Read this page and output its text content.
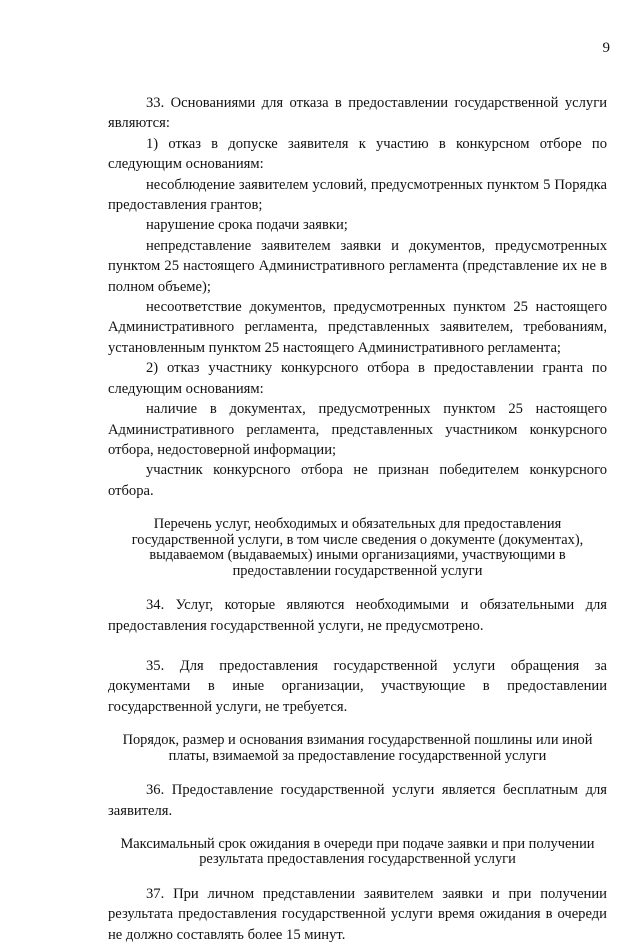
9

33. Основаниями для отказа в предоставлении государственной услуги являются:

1) отказ в допуске заявителя к участию в конкурсном отборе по следующим основаниям:

несоблюдение заявителем условий, предусмотренных пунктом 5 Порядка предоставления грантов;

нарушение срока подачи заявки;

непредставление заявителем заявки и документов, предусмотренных пунктом 25 настоящего Административного регламента (представление их не в полном объеме);

несоответствие документов, предусмотренных пунктом 25 настоящего Административного регламента, представленных заявителем, требованиям, установленным пунктом 25 настоящего Административного регламента;

2) отказ участнику конкурсного отбора в предоставлении гранта по следующим основаниям:

наличие в документах, предусмотренных пунктом 25 настоящего Административного регламента, представленных участником конкурсного отбора, недостоверной информации;

участник конкурсного отбора не признан победителем конкурсного отбора.

Перечень услуг, необходимых и обязательных для предоставления государственной услуги, в том числе сведения о документе (документах), выдаваемом (выдаваемых) иными организациями, участвующими в предоставлении государственной услуги

34. Услуг, которые являются необходимыми и обязательными для предоставления государственной услуги, не предусмотрено.

35. Для предоставления государственной услуги обращения за документами в иные организации, участвующие в предоставлении государственной услуги, не требуется.

Порядок, размер и основания взимания государственной пошлины или иной платы, взимаемой за предоставление государственной услуги

36. Предоставление государственной услуги является бесплатным для заявителя.

Максимальный срок ожидания в очереди при подаче заявки и при получении результата предоставления государственной услуги

37. При личном представлении заявителем заявки и при получении результата предоставления государственной услуги время ожидания в очереди не должно составлять более 15 минут.
